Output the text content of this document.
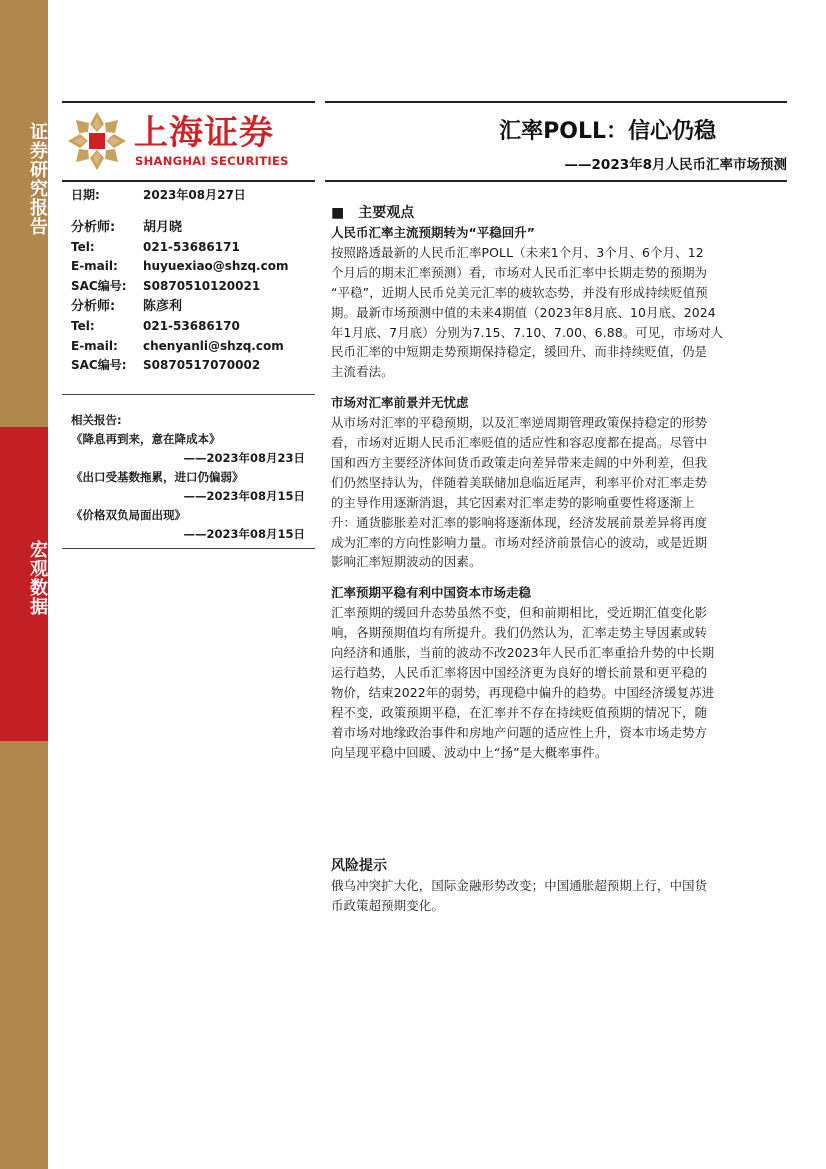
证券研究报告
宏观数据
上海证券
SHANGHAI SECURITIES
汇率POLL：信心仍稳
——2023年8月人民币汇率市场预测
日期:	2023年08月27日
分析师: 胡月晓
Tel:	021-53686171
E-mail: huyuexiao@shzq.com
SAC编号: S0870510120021
分析师: 陈彦利
Tel:	021-53686170
E-mail: chenyanli@shzq.com
SAC编号: S0870517070002
相关报告:
《降息再到来，意在降成本》
——2023年08月23日
《出口受基数拖累，进口仍偏弱》
——2023年08月15日
《价格双负局面出现》
——2023年08月15日
■　主要观点
人民币汇率主流预期转为“平稳回升”

按照路透最新的人民币汇率POLL（未来1个月、3个月、6个月、12

个月后的期末汇率预测）看，市场对人民币汇率中长期走势的预期为

“平稳”，近期人民币兑美元汇率的疲软态势，并没有形成持续贬值预

期。最新市场预测中值的未来4期值（2023年8月底、10月底、2024

年1月底、7月底）分别为7.15、7.10、7.00、6.88。可见，市场对人

民币汇率的中短期走势预期保持稳定，缓回升、而非持续贬值，仍是

主流看法。

市场对汇率前景并无忧虑

从市场对汇率的平稳预期，以及汇率逆周期管理政策保持稳定的形势

看，市场对近期人民币汇率贬值的适应性和容忍度都在提高。尽管中

国和西方主要经济体间货币政策走向差异带来走阔的中外利差，但我

们仍然坚持认为，伴随着美联储加息临近尾声，利率平价对汇率走势

的主导作用逐渐消退，其它因素对汇率走势的影响重要性将逐渐上

升：通货膨胀差对汇率的影响将逐渐体现，经济发展前景差异将再度

成为汇率的方向性影响力量。市场对经济前景信心的波动，或是近期

影响汇率短期波动的因素。

汇率预期平稳有利中国资本市场走稳

汇率预期的缓回升态势虽然不变，但和前期相比，受近期汇值变化影

响，各期预期值均有所提升。我们仍然认为，汇率走势主导因素或转

向经济和通胀，当前的波动不改2023年人民币汇率重拾升势的中长期

运行趋势，人民币汇率将因中国经济更为良好的增长前景和更平稳的

物价，结束2022年的弱势，再现稳中偏升的趋势。中国经济缓复苏进

程不变，政策预期平稳，在汇率并不存在持续贬值预期的情况下，随

着市场对地缘政治事件和房地产问题的适应性上升，资本市场走势方

向呈现平稳中回暖、波动中上“扬”是大概率事件。

风险提示

俄乌冲突扩大化，国际金融形势改变；中国通胀超预期上行，中国货

币政策超预期变化。
